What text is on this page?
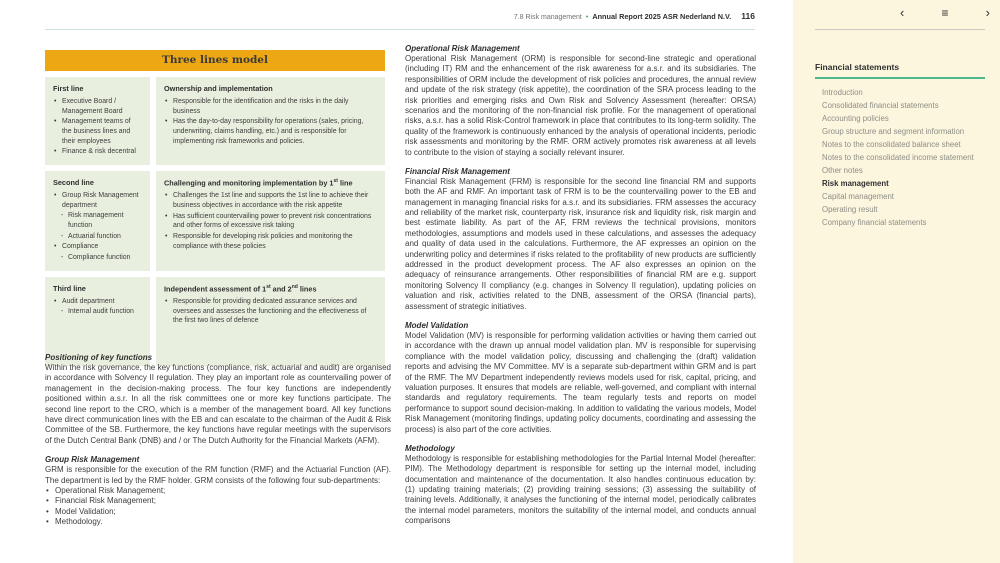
‹	≡	›
Financial statements
Introduction
Consolidated financial statements
Accounting policies
Group structure and segment information
Notes to the consolidated balance sheet
Notes to the consolidated income statement
Other notes
Risk management
Capital management
Operating result
Company financial statements
7.8 Risk management • Annual Report 2025 ASR Nederland N.V. 116
Three lines model
First line
• Executive Board / Management Board
• Management teams of the business lines and their employees
• Finance & risk decentral
Ownership and implementation
• Responsible for the identification and the risks in the daily business
• Has the day-to-day responsibility for operations (sales, pricing, underwriting, claims handling, etc.) and is responsible for implementing risk frameworks and policies.
Second line
• Group Risk Management department
- Risk management function
- Actuarial function
• Compliance
- Compliance function
Challenging and monitoring implementation by 1st line
• Challenges the 1st line and supports the 1st line to achieve their business objectives in accordance with the risk appetite
• Has sufficient countervailing power to prevent risk concentrations and other forms of excessive risk taking
• Responsible for developing risk policies and monitoring the compliance with these policies
Third line
• Audit department
- Internal audit function
Independent assessment of 1st and 2nd lines
• Responsible for providing dedicated assurance services and oversees and assesses the functioning and the effectiveness of the first two lines of defence
Positioning of key functions

Within the risk governance, the key functions (compliance, risk, actuarial and audit) are organised in accordance with Solvency II regulation. They play an important role as countervailing power of management in the decision-making process. The four key functions are independently positioned within a.s.r. In all the risk committees one or more key functions participate. The second line report to the CRO, which is a member of the management board. All key functions have direct communication lines with the EB and can escalate to the chairman of the Audit & Risk Committee of the SB. Furthermore, the key functions have regular meetings with the supervisors of the Dutch Central Bank (DNB) and / or The Dutch Authority for the Financial Markets (AFM).

Group Risk Management

GRM is responsible for the execution of the RM function (RMF) and the Actuarial Function (AF). The department is led by the RMF holder. GRM consists of the following four sub-departments:

• Operational Risk Management;
• Financial Risk Management;
• Model Validation;
• Methodology.
Operational Risk Management

Operational Risk Management (ORM) is responsible for second-line strategic and operational (including IT) RM and the enhancement of the risk awareness for a.s.r. and its subsidiaries. The responsibilities of ORM include the development of risk policies and procedures, the annual review and update of the risk strategy (risk appetite), the coordination of the SRA process leading to the risk priorities and emerging risks and Own Risk and Solvency Assessment (hereafter: ORSA) scenarios and the monitoring of the non-financial risk profile. For the management of operational risks, a.s.r. has a solid Risk-Control framework in place that contributes to its long-term solidity. The quality of the framework is continuously enhanced by the analysis of operational incidents, periodic risk assessments and monitoring by the RMF. ORM actively promotes risk awareness at all levels to contribute to the vision of staying a socially relevant insurer.

Financial Risk Management

Financial Risk Management (FRM) is responsible for the second line financial RM and supports both the AF and RMF. An important task of FRM is to be the countervailing power to the EB and management in managing financial risks for a.s.r. and its subsidiaries. FRM assesses the accuracy and reliability of the market risk, counterparty risk, insurance risk and liquidity risk, risk margin and best estimate liability. As part of the AF, FRM reviews the technical provisions, monitors methodologies, assumptions and models used in these calculations, and assesses the adequacy and quality of data used in the calculations. Furthermore, the AF expresses an opinion on the underwriting policy and determines if risks related to the profitability of new products are sufficiently addressed in the product development process. The AF also expresses an opinion on the adequacy of reinsurance arrangements. Other responsibilities of financial RM are e.g. support monitoring Solvency II compliancy (e.g. changes in Solvency II regulation), updating policies on valuation and risk, activities related to the DNB, assessment of the ORSA (financial parts), assessment of strategic initiatives.

Model Validation

Model Validation (MV) is responsible for performing validation activities or having them carried out in accordance with the drawn up annual model validation plan. MV is responsible for supervising compliance with the model validation policy, discussing and challenging the (draft) validation reports and advising the MV Committee. MV is a separate sub-department within GRM and is part of the RMF. The MV Department independently reviews models used for risk, capital, pricing, and valuation purposes. It ensures that models are reliable, well-governed, and compliant with internal standards and regulatory requirements. The team regularly tests and reports on model performance to support sound decision-making. In addition to validating the various models, Model Risk Management (monitoring findings, updating policy documents, coordinating and assessing the process) is also part of the core activities.

Methodology

Methodology is responsible for establishing methodologies for the Partial Internal Model (hereafter: PIM). The Methodology department is responsible for setting up the internal model, including documentation and maintenance of the documentation. It also handles continuous education by: (1) updating training materials; (2) providing training sessions; (3) assessing the suitability of training levels. Additionally, it analyses the functioning of the internal model, periodically calibrates the internal model parameters, monitors the suitability of the internal model, and conducts annual comparisons
